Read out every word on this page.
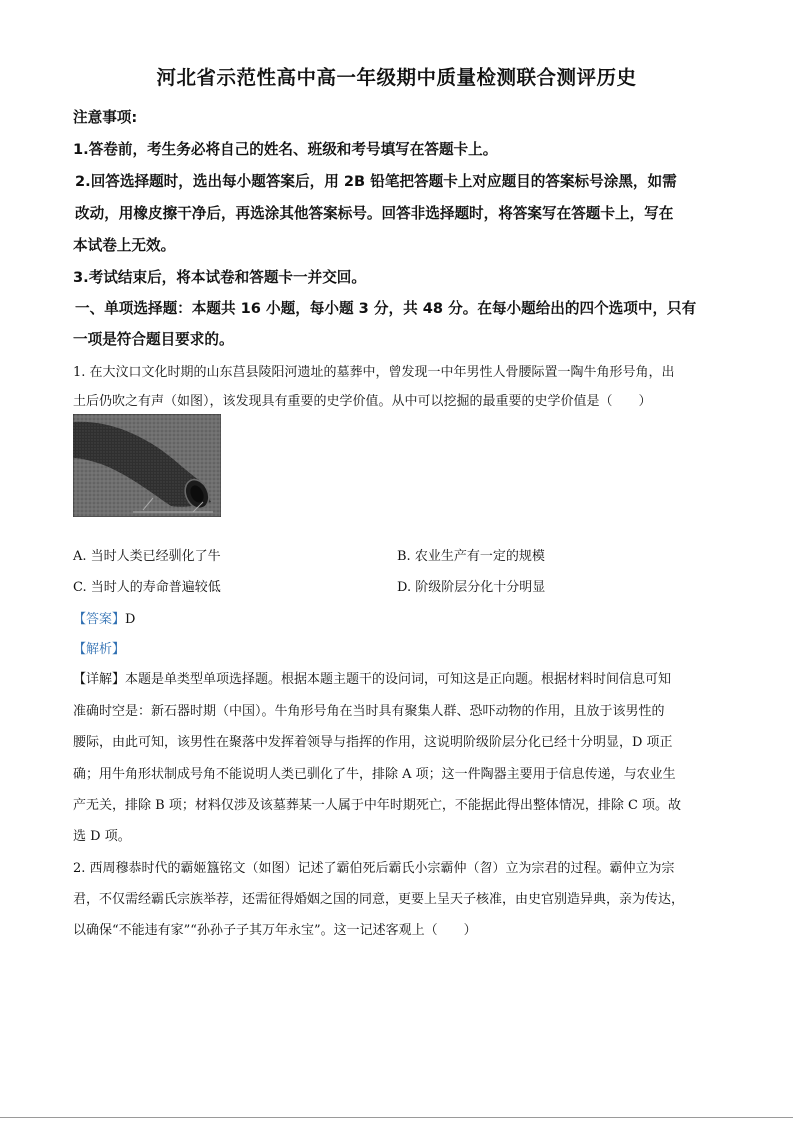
河北省示范性高中高一年级期中质量检测联合测评历史
注意事项:
1.答卷前，考生务必将自己的姓名、班级和考号填写在答题卡上。
2.回答选择题时，选出每小题答案后，用 2B 铅笔把答题卡上对应题目的答案标号涂黑，如需
改动，用橡皮擦干净后，再选涂其他答案标号。回答非选择题时，将答案写在答题卡上，写在
本试卷上无效。
3.考试结束后，将本试卷和答题卡一并交回。
一、单项选择题：本题共 16 小题，每小题 3 分，共 48 分。在每小题给出的四个选项中，只有
一项是符合题目要求的。
1. 在大汶口文化时期的山东莒县陵阳河遗址的墓葬中，曾发现一中年男性人骨腰际置一陶牛角形号角，出
土后仍吹之有声（如图），该发现具有重要的史学价值。从中可以挖掘的最重要的史学价值是（　　）
A. 当时人类已经驯化了牛	B. 农业生产有一定的规模
C. 当时人的寿命普遍较低	D. 阶级阶层分化十分明显
【答案】D
【解析】
【详解】本题是单类型单项选择题。根据本题主题干的设问词，可知这是正向题。根据材料时间信息可知
准确时空是：新石器时期（中国）。牛角形号角在当时具有聚集人群、恐吓动物的作用，且放于该男性的
腰际，由此可知，该男性在聚落中发挥着领导与指挥的作用，这说明阶级阶层分化已经十分明显，D 项正
确；用牛角形状制成号角不能说明人类已驯化了牛，排除 A 项；这一件陶器主要用于信息传递，与农业生
产无关，排除 B 项；材料仅涉及该墓葬某一人属于中年时期死亡，不能据此得出整体情况，排除 C 项。故
选 D 项。
2. 西周穆恭时代的霸姬簋铭文（如图）记述了霸伯死后霸氏小宗霸仲（曶）立为宗君的过程。霸仲立为宗
君，不仅需经霸氏宗族举荐，还需征得婚姻之国的同意，更要上呈天子核准，由史官别造异典，亲为传达，
以确保“不能违有家”“孙孙子子其万年永宝”。这一记述客观上（　　）
